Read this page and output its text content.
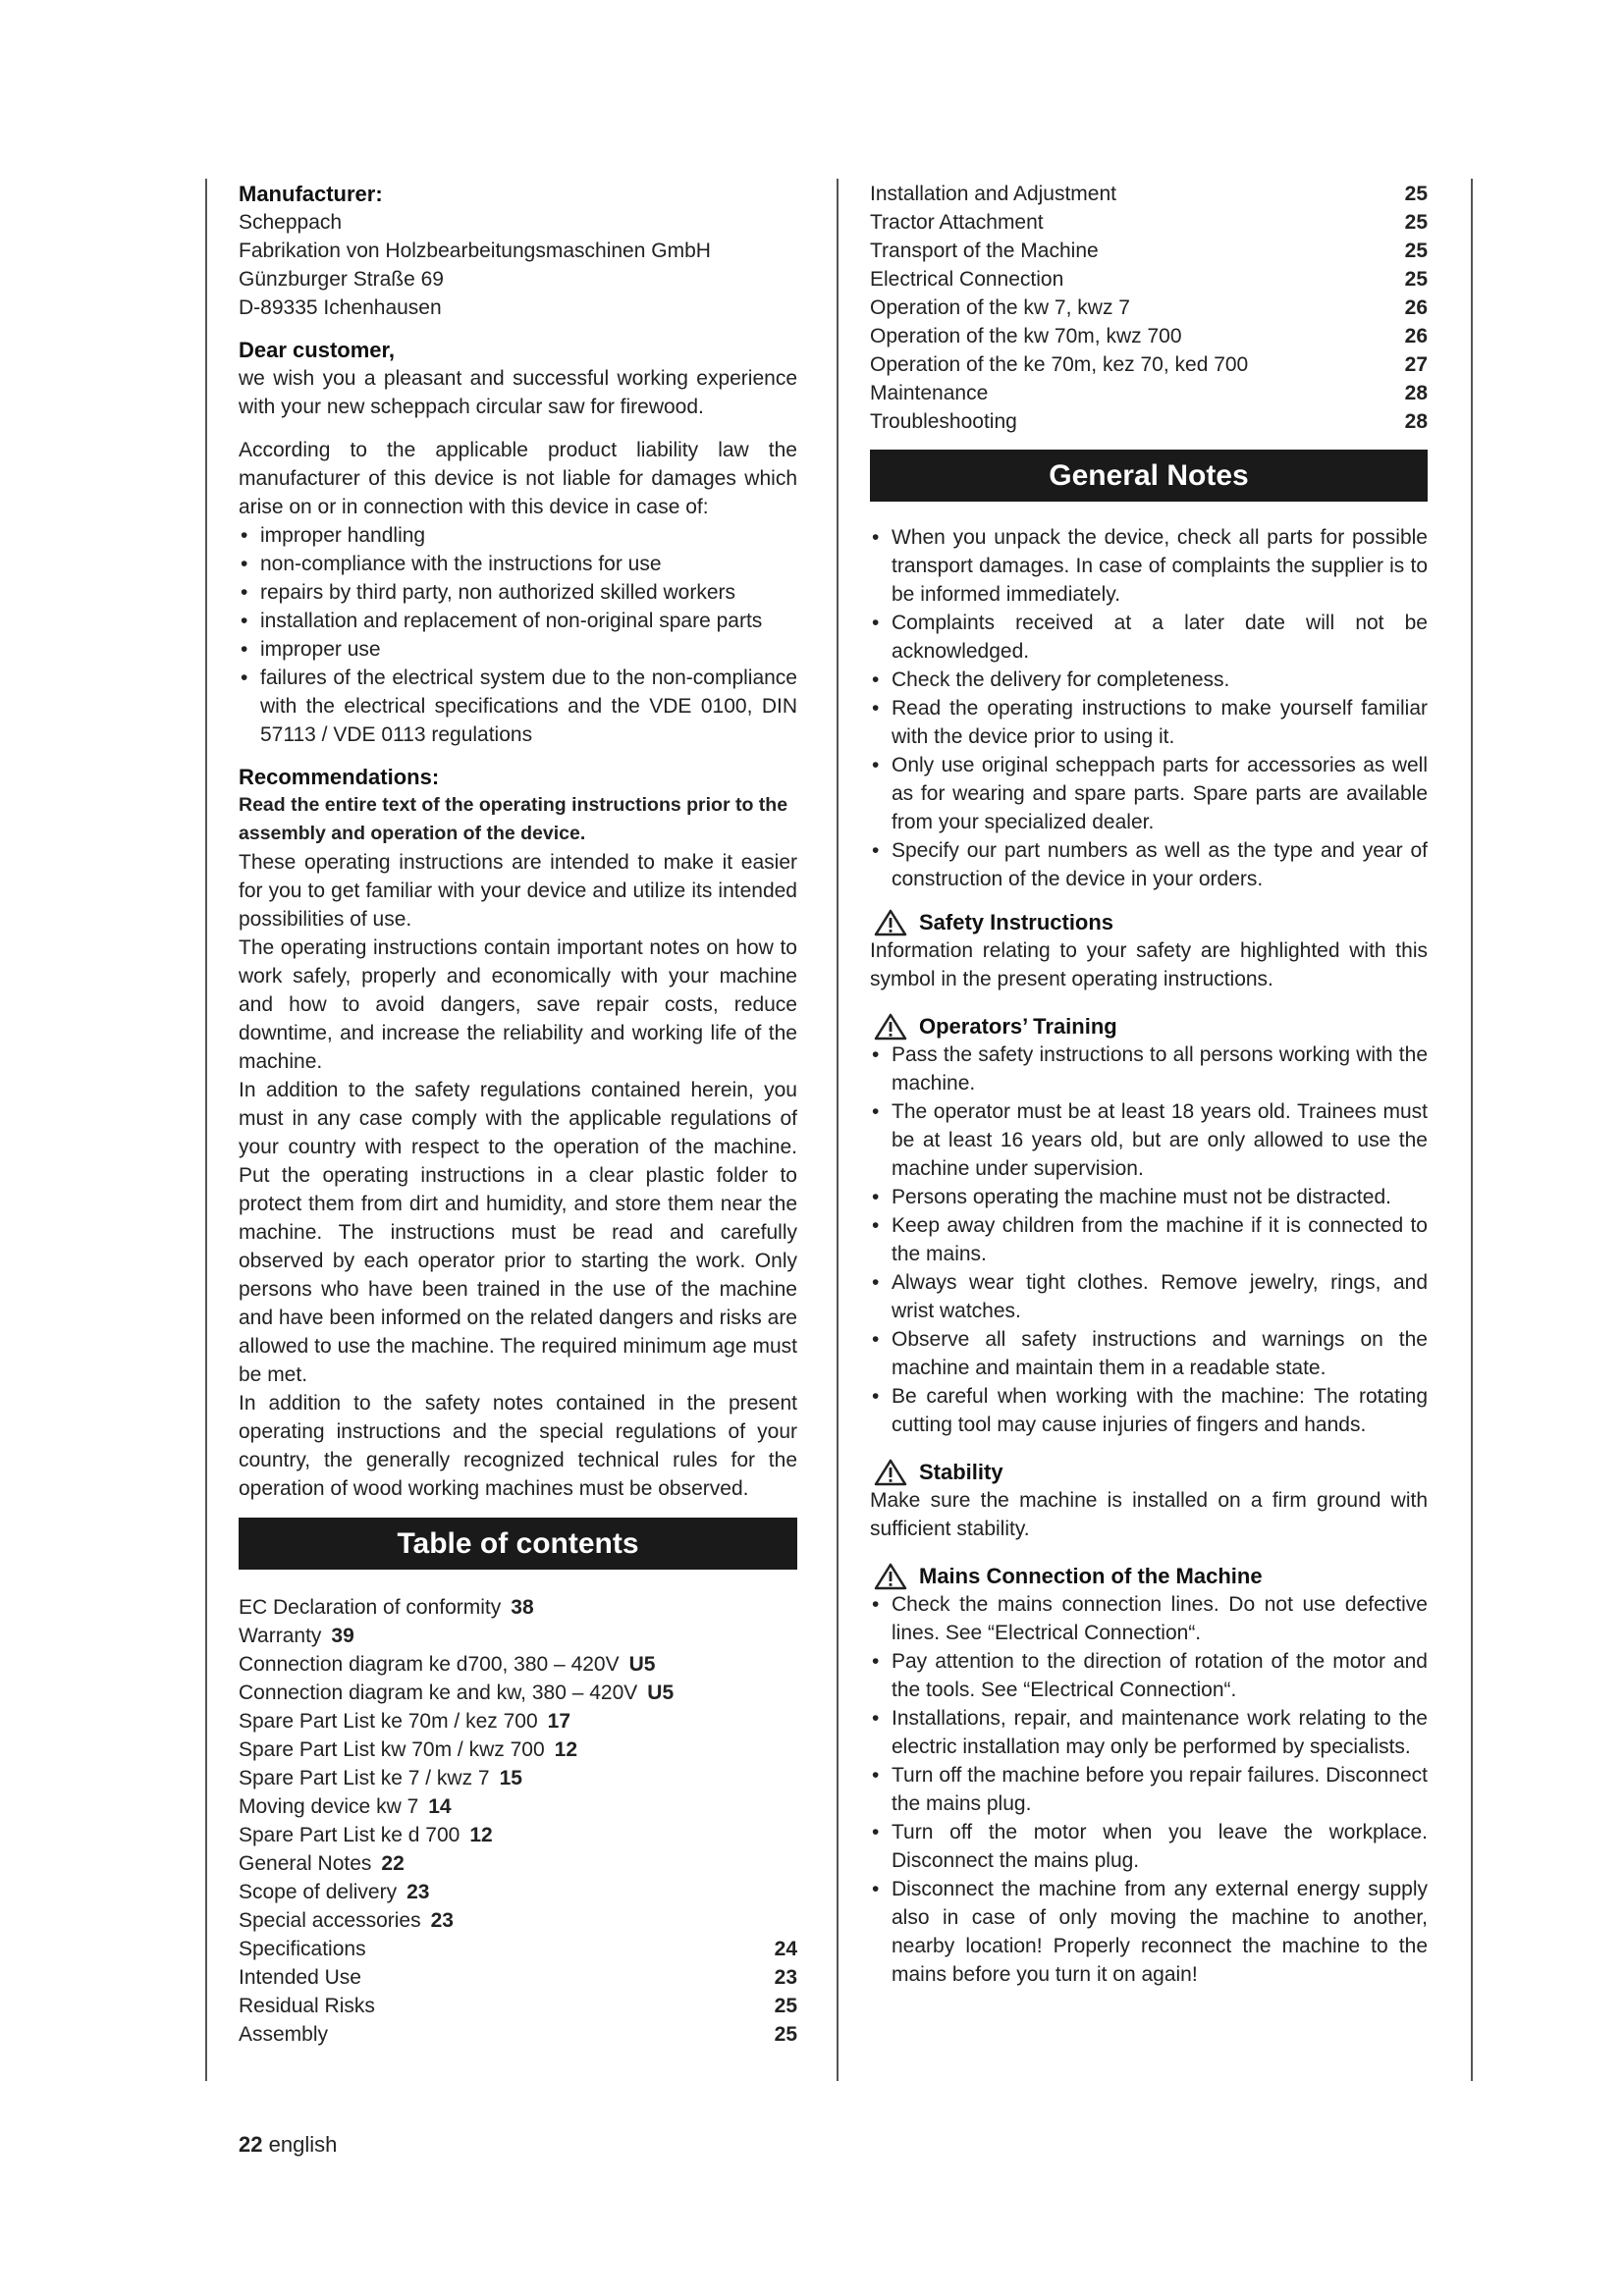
Manufacturer:
Scheppach
Fabrikation von Holzbearbeitungsmaschinen GmbH
Günzburger Straße 69
D-89335 Ichenhausen
Dear customer,

we wish you a pleasant and successful working experience with your new scheppach circular saw for firewood.

According to the applicable product liability law the manufacturer of this device is not liable for damages which arise on or in connection with this device in case of:

• improper handling
• non-compliance with the instructions for use
• repairs by third party, non authorized skilled workers
• installation and replacement of non-original spare parts
• improper use
• failures of the electrical system due to the non-compliance with the electrical specifications and the VDE 0100, DIN 57113 / VDE 0113 regulations
Recommendations:

Read the entire text of the operating instructions prior to the assembly and operation of the device.

These operating instructions are intended to make it easier for you to get familiar with your device and utilize its intended possibilities of use.

The operating instructions contain important notes on how to work safely, properly and economically with your machine and how to avoid dangers, save repair costs, reduce downtime, and increase the reliability and working life of the machine.

In addition to the safety regulations contained herein, you must in any case comply with the applicable regulations of your country with respect to the operation of the machine. Put the operating instructions in a clear plastic folder to protect them from dirt and humidity, and store them near the machine. The instructions must be read and carefully observed by each operator prior to starting the work. Only persons who have been trained in the use of the machine and have been informed on the related dangers and risks are allowed to use the machine. The required minimum age must be met.

In addition to the safety notes contained in the present operating instructions and the special regulations of your country, the generally recognized technical rules for the operation of wood working machines must be observed.

Table of contents
EC Declaration of conformity 38
Warranty 39
Connection diagram ke d700, 380 – 420V U5
Connection diagram ke and kw, 380 – 420V U5
Spare Part List ke 70m / kez 700 17
Spare Part List kw 70m / kwz 700 12
Spare Part List ke 7 / kwz 7 15
Moving device kw 7 14
Spare Part List ke d 700 12
General Notes 22
Scope of delivery 23
Special accessories 23
Specifications	24
Intended Use	23
Residual Risks	25
Assembly	25
Installation and Adjustment	25
Tractor Attachment	25
Transport of the Machine	25
Electrical Connection	25
Operation of the kw 7, kwz 7	26
Operation of the kw 70m, kwz 700	26
Operation of the ke 70m, kez 70, ked 700	27
Maintenance	28
Troubleshooting	28
General Notes
• When you unpack the device, check all parts for possible transport damages. In case of complaints the supplier is to be informed immediately.
• Complaints received at a later date will not be acknowledged.
• Check the delivery for completeness.
• Read the operating instructions to make yourself familiar with the device prior to using it.
• Only use original scheppach parts for accessories as well as for wearing and spare parts. Spare parts are available from your specialized dealer.
• Specify our part numbers as well as the type and year of construction of the device in your orders.
Safety Instructions

Information relating to your safety are highlighted with this symbol in the present operating instructions.

Operators’ Training
• Pass the safety instructions to all persons working with the machine.
• The operator must be at least 18 years old. Trainees must be at least 16 years old, but are only allowed to use the machine under supervision.
• Persons operating the machine must not be distracted.
• Keep away children from the machine if it is connected to the mains.
• Always wear tight clothes. Remove jewelry, rings, and wrist watches.
• Observe all safety instructions and warnings on the machine and maintain them in a readable state.
• Be careful when working with the machine: The rotating cutting tool may cause injuries of fingers and hands.
Stability

Make sure the machine is installed on a firm ground with sufficient stability.

Mains Connection of the Machine
• Check the mains connection lines. Do not use defective lines. See “Electrical Connection“.
• Pay attention to the direction of rotation of the motor and the tools. See “Electrical Connection“.
• Installations, repair, and maintenance work relating to the electric installation may only be performed by specialists.
• Turn off the machine before you repair failures. Disconnect the mains plug.
• Turn off the motor when you leave the workplace. Disconnect the mains plug.
• Disconnect the machine from any external energy supply also in case of only moving the machine to another, nearby location! Properly reconnect the machine to the mains before you turn it on again!
22 english
